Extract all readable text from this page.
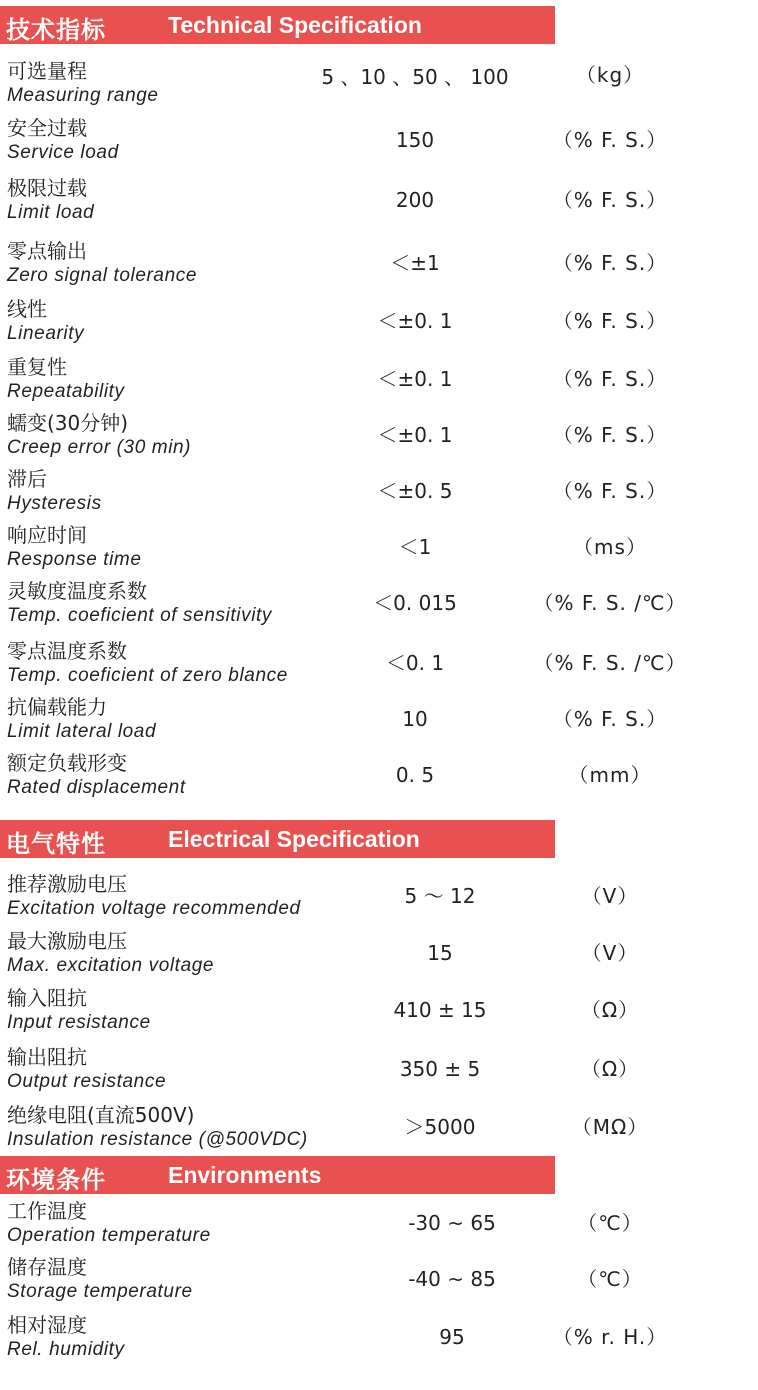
技术指标	Technical Specification
可选量程
Measuring range
5 、10 、50 、 100	（kg）
安全过载
Service load
150	（% F. S.）
极限过载
Limit load
200	（% F. S.）
零点输出
Zero signal tolerance
＜±1	（% F. S.）
线性
Linearity
＜±0. 1	（% F. S.）
重复性
Repeatability
＜±0. 1	（% F. S.）
蠕变(30分钟)
Creep error (30 min)
＜±0. 1	（% F. S.）
滞后
Hysteresis
＜±0. 5	（% F. S.）
响应时间
Response time
＜1	（ms）
灵敏度温度系数
Temp. coeficient of sensitivity
＜0. 015	（% F. S. /℃）
零点温度系数
Temp. coeficient of zero blance
＜0. 1	（% F. S. /℃）
抗偏载能力
Limit lateral load
10	（% F. S.）
额定负载形变
Rated displacement
0. 5	（mm）
电气特性	Electrical Specification
推荐激励电压
Excitation voltage recommended
5 ～ 12	（V）
最大激励电压
Max. excitation voltage
15	（V）
输入阻抗
Input resistance
410 ± 15	（Ω）
输出阻抗
Output resistance
350 ± 5	（Ω）
绝缘电阻(直流500V)
Insulation resistance (@500VDC)
＞5000	（MΩ）
环境条件	Environments
工作温度
Operation temperature
-30 ~ 65	（℃）
储存温度
Storage temperature
-40 ~ 85	（℃）
相对湿度
Rel. humidity
95	（% r. H.）
